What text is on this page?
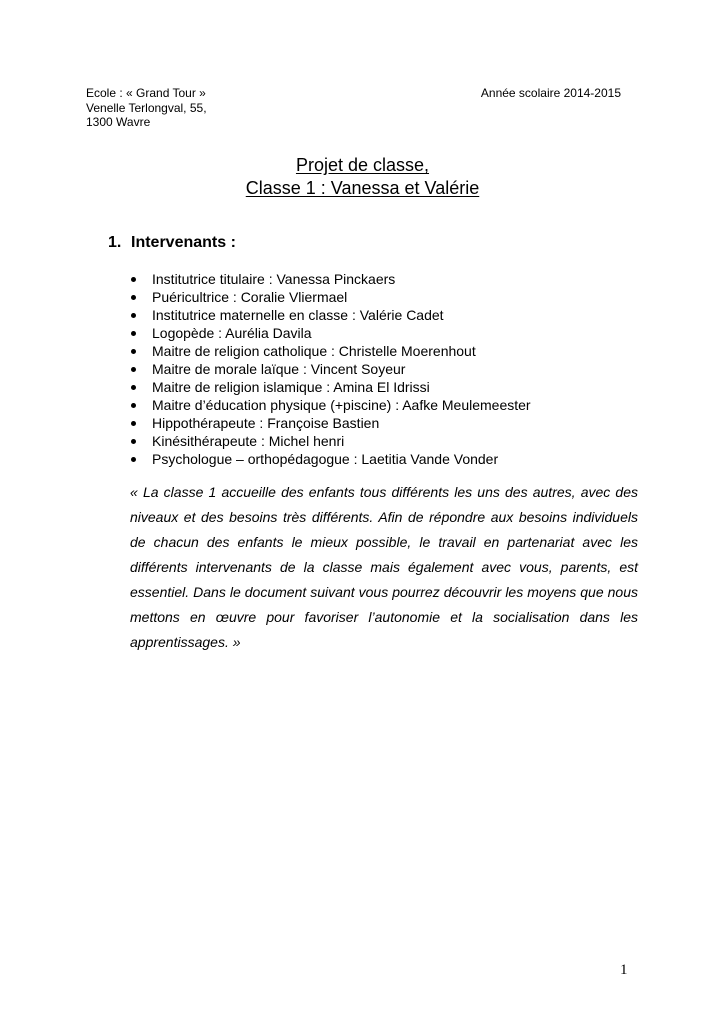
Ecole : « Grand Tour »
Venelle Terlongval, 55,
1300 Wavre
Année scolaire 2014-2015
Projet de classe,
Classe 1 : Vanessa et Valérie
1. Intervenants :
Institutrice titulaire : Vanessa Pinckaers
Puéricultrice : Coralie Vliermael
Institutrice maternelle en classe : Valérie Cadet
Logopède : Aurélia Davila
Maitre de religion catholique : Christelle Moerenhout
Maitre de morale laïque : Vincent Soyeur
Maitre de religion islamique : Amina El Idrissi
Maitre d’éducation physique (+piscine) : Aafke Meulemeester
Hippothérapeute : Françoise Bastien
Kinésithérapeute : Michel henri
Psychologue – orthopédagogue : Laetitia Vande Vonder
« La classe 1 accueille des enfants tous différents les uns des autres, avec des niveaux et des besoins très différents. Afin de répondre aux besoins individuels de chacun des enfants le mieux possible, le travail en partenariat avec les différents intervenants de la classe mais également avec vous, parents, est essentiel. Dans le document suivant vous pourrez découvrir les moyens que nous mettons en œuvre pour favoriser l’autonomie et la socialisation dans les apprentissages. »
1
